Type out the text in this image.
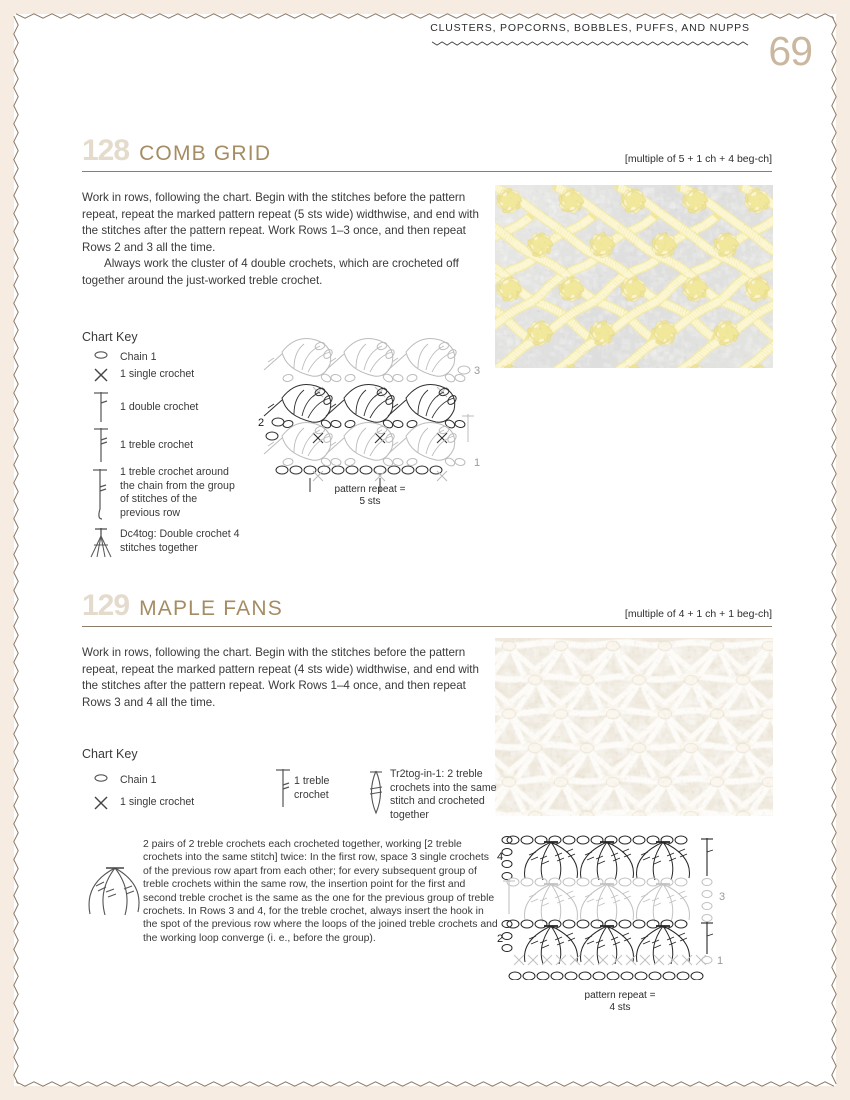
CLUSTERS, POPCORNS, BOBBLES, PUFFS, AND NUPPS 69
128 COMB GRID	[multiple of 5 + 1 ch + 4 beg-ch]

Work in rows, following the chart. Begin with the stitches before the pattern repeat, repeat the marked pattern repeat (5 sts wide) widthwise, and end with the stitches after the pattern repeat. Work Rows 1–3 once, and then repeat Rows 2 and 3 all the time.

Always work the cluster of 4 double crochets, which are crocheted off together around the just-worked treble crochet.

Chart Key
Chain 1
1 single crochet
1 double crochet
1 treble crochet
1 treble crochet around the chain from the group of stitches of the previous row
Dc4tog: Double crochet 4 stitches together
2
3
1
pattern repeat =
5 sts
129 MAPLE FANS	[multiple of 4 + 1 ch + 1 beg-ch]

Work in rows, following the chart. Begin with the stitches before the pattern repeat, repeat the marked pattern repeat (4 sts wide) widthwise, and end with the stitches after the pattern repeat. Work Rows 1–4 once, and then repeat Rows 3 and 4 all the time.

Chart Key
Chain 1
1 single crochet
1 treble crochet
Tr2tog-in-1: 2 treble crochets into the same stitch and crocheted together
2 pairs of 2 treble crochets each crocheted together, working [2 treble crochets into the same stitch] twice: In the first row, space 3 single crochets of the previous row apart from each other; for every subsequent group of treble crochets within the same row, the insertion point for the first and second treble crochet is the same as the one for the previous group of treble crochets. In Rows 3 and 4, for the treble crochet, always insert the hook in the spot of the previous row where the loops of the joined treble crochets and the working loop converge (i. e., before the group).
4
3
2
1
pattern repeat =
4 sts
